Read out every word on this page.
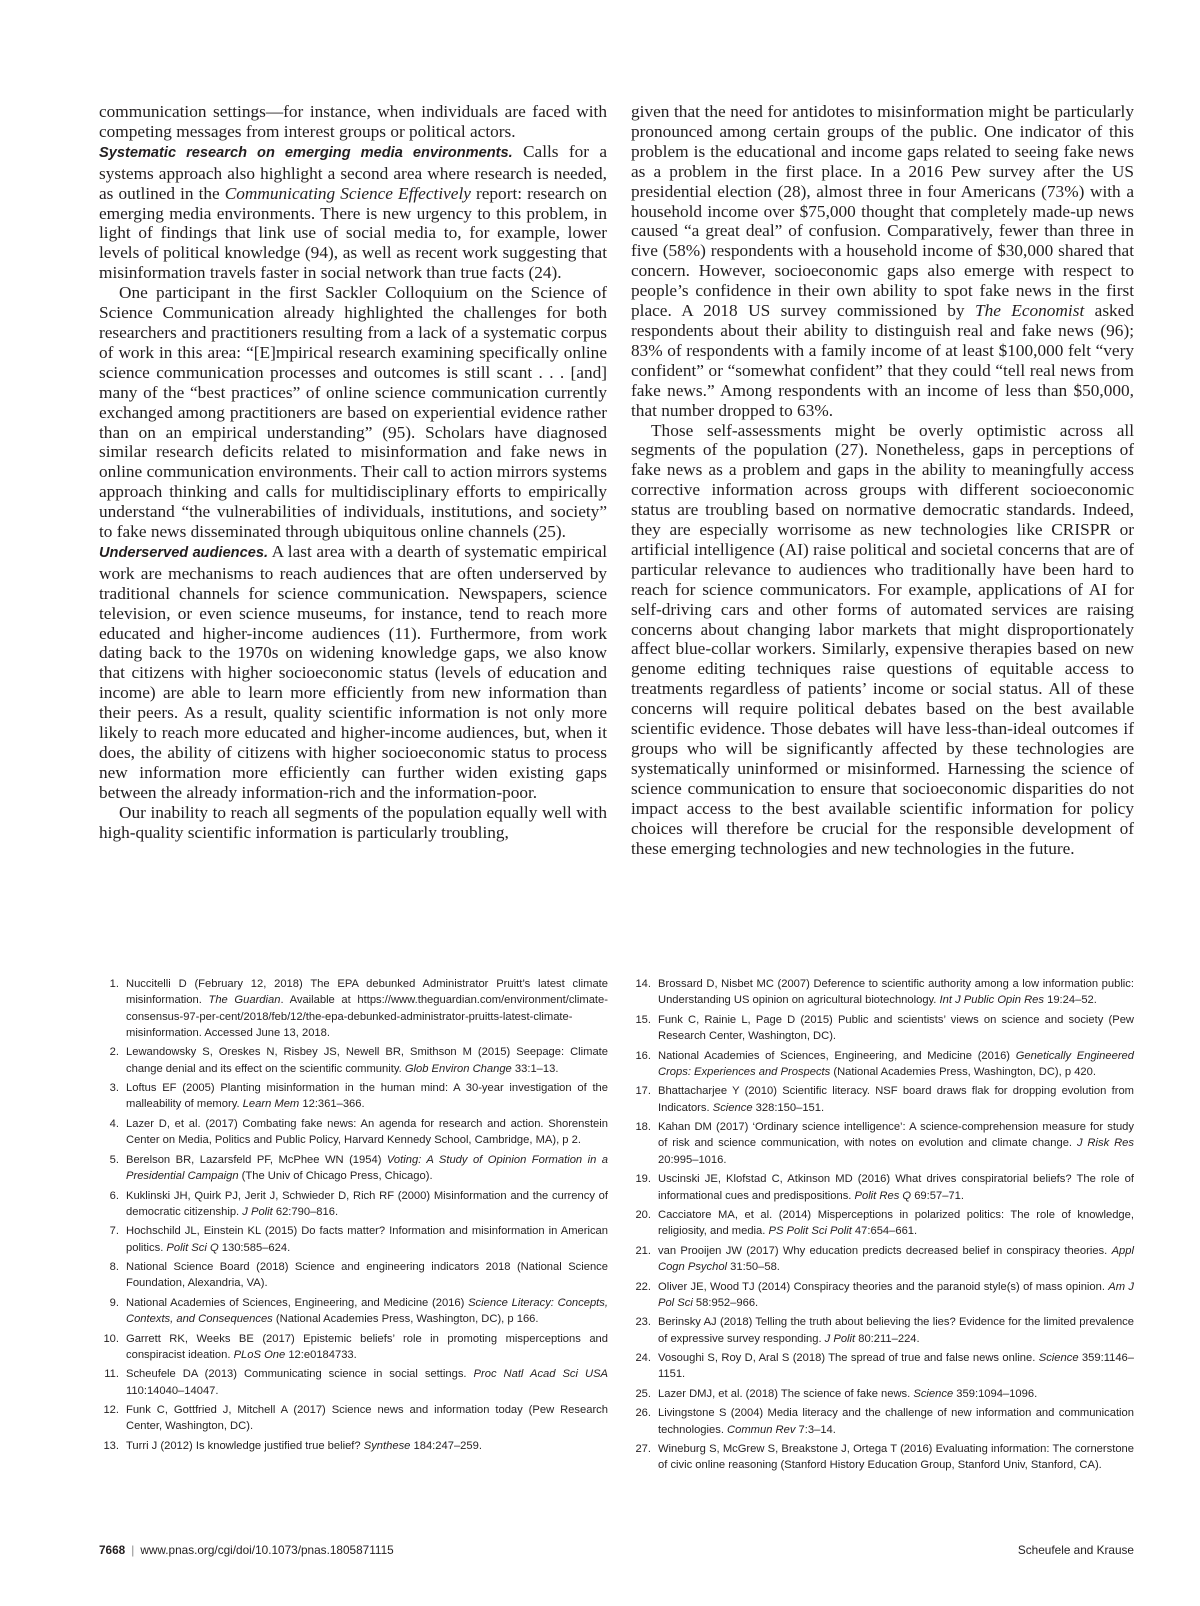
communication settings—for instance, when individuals are faced with competing messages from interest groups or political actors.
Systematic research on emerging media environments. Calls for a systems approach also highlight a second area where research is needed, as outlined in the Communicating Science Effectively report: research on emerging media environments. There is new urgency to this problem, in light of findings that link use of social media to, for example, lower levels of political knowledge (94), as well as recent work suggesting that misinformation travels faster in social network than true facts (24).

One participant in the first Sackler Colloquium on the Science of Science Communication already highlighted the challenges for both researchers and practitioners resulting from a lack of a systematic corpus of work in this area: “[E]mpirical research examining specifically online science communication processes and outcomes is still scant . . . [and] many of the “best practices” of online science communication currently exchanged among practitioners are based on experiential evidence rather than on an empirical understanding” (95). Scholars have diagnosed similar research deficits related to misinformation and fake news in online communication environments. Their call to action mirrors systems approach thinking and calls for multidisciplinary efforts to empirically understand “the vulnerabilities of individuals, institutions, and society” to fake news disseminated through ubiquitous online channels (25).

Underserved audiences. A last area with a dearth of systematic empirical work are mechanisms to reach audiences that are often underserved by traditional channels for science communication. Newspapers, science television, or even science museums, for instance, tend to reach more educated and higher-income audiences (11). Furthermore, from work dating back to the 1970s on widening knowledge gaps, we also know that citizens with higher socioeconomic status (levels of education and income) are able to learn more efficiently from new information than their peers. As a result, quality scientific information is not only more likely to reach more educated and higher-income audiences, but, when it does, the ability of citizens with higher socioeconomic status to process new information more efficiently can further widen existing gaps between the already information-rich and the information-poor.

Our inability to reach all segments of the population equally well with high-quality scientific information is particularly troubling,

given that the need for antidotes to misinformation might be particularly pronounced among certain groups of the public. One indicator of this problem is the educational and income gaps related to seeing fake news as a problem in the first place. In a 2016 Pew survey after the US presidential election (28), almost three in four Americans (73%) with a household income over $75,000 thought that completely made-up news caused “a great deal” of confusion. Comparatively, fewer than three in five (58%) respondents with a household income of $30,000 shared that concern. However, socioeconomic gaps also emerge with respect to people’s confidence in their own ability to spot fake news in the first place. A 2018 US survey commissioned by The Economist asked respondents about their ability to distinguish real and fake news (96); 83% of respondents with a family income of at least $100,000 felt “very confident” or “somewhat confident” that they could “tell real news from fake news.” Among respondents with an income of less than $50,000, that number dropped to 63%.

Those self-assessments might be overly optimistic across all segments of the population (27). Nonetheless, gaps in perceptions of fake news as a problem and gaps in the ability to meaningfully access corrective information across groups with different socioeconomic status are troubling based on normative democratic standards. Indeed, they are especially worrisome as new technologies like CRISPR or artificial intelligence (AI) raise political and societal concerns that are of particular relevance to audiences who traditionally have been hard to reach for science communicators. For example, applications of AI for self-driving cars and other forms of automated services are raising concerns about changing labor markets that might disproportionately affect blue-collar workers. Similarly, expensive therapies based on new genome editing techniques raise questions of equitable access to treatments regardless of patients’ income or social status. All of these concerns will require political debates based on the best available scientific evidence. Those debates will have less-than-ideal outcomes if groups who will be significantly affected by these technologies are systematically uninformed or misinformed. Harnessing the science of science communication to ensure that socioeconomic disparities do not impact access to the best available scientific information for policy choices will therefore be crucial for the responsible development of these emerging technologies and new technologies in the future.

1. Nuccitelli D (February 12, 2018) The EPA debunked Administrator Pruitt’s latest climate misinformation. The Guardian. Available at https://www.theguardian.com/environment/climate-consensus-97-per-cent/2018/feb/12/the-epa-debunked-administrator-pruitts-latest-climate-misinformation. Accessed June 13, 2018.
2. Lewandowsky S, Oreskes N, Risbey JS, Newell BR, Smithson M (2015) Seepage: Climate change denial and its effect on the scientific community. Glob Environ Change 33:1–13.
3. Loftus EF (2005) Planting misinformation in the human mind: A 30-year investigation of the malleability of memory. Learn Mem 12:361–366.
4. Lazer D, et al. (2017) Combating fake news: An agenda for research and action. Shorenstein Center on Media, Politics and Public Policy, Harvard Kennedy School, Cambridge, MA), p 2.
5. Berelson BR, Lazarsfeld PF, McPhee WN (1954) Voting: A Study of Opinion Formation in a Presidential Campaign (The Univ of Chicago Press, Chicago).
6. Kuklinski JH, Quirk PJ, Jerit J, Schwieder D, Rich RF (2000) Misinformation and the currency of democratic citizenship. J Polit 62:790–816.
7. Hochschild JL, Einstein KL (2015) Do facts matter? Information and misinformation in American politics. Polit Sci Q 130:585–624.
8. National Science Board (2018) Science and engineering indicators 2018 (National Science Foundation, Alexandria, VA).
9. National Academies of Sciences, Engineering, and Medicine (2016) Science Literacy: Concepts, Contexts, and Consequences (National Academies Press, Washington, DC), p 166.
10. Garrett RK, Weeks BE (2017) Epistemic beliefs’ role in promoting misperceptions and conspiracist ideation. PLoS One 12:e0184733.
11. Scheufele DA (2013) Communicating science in social settings. Proc Natl Acad Sci USA 110:14040–14047.
12. Funk C, Gottfried J, Mitchell A (2017) Science news and information today (Pew Research Center, Washington, DC).
13. Turri J (2012) Is knowledge justified true belief? Synthese 184:247–259.
14. Brossard D, Nisbet MC (2007) Deference to scientific authority among a low information public: Understanding US opinion on agricultural biotechnology. Int J Public Opin Res 19:24–52.
15. Funk C, Rainie L, Page D (2015) Public and scientists’ views on science and society (Pew Research Center, Washington, DC).
16. National Academies of Sciences, Engineering, and Medicine (2016) Genetically Engineered Crops: Experiences and Prospects (National Academies Press, Washington, DC), p 420.
17. Bhattacharjee Y (2010) Scientific literacy. NSF board draws flak for dropping evolution from Indicators. Science 328:150–151.
18. Kahan DM (2017) ‘Ordinary science intelligence’: A science-comprehension measure for study of risk and science communication, with notes on evolution and climate change. J Risk Res 20:995–1016.
19. Uscinski JE, Klofstad C, Atkinson MD (2016) What drives conspiratorial beliefs? The role of informational cues and predispositions. Polit Res Q 69:57–71.
20. Cacciatore MA, et al. (2014) Misperceptions in polarized politics: The role of knowledge, religiosity, and media. PS Polit Sci Polit 47:654–661.
21. van Prooijen JW (2017) Why education predicts decreased belief in conspiracy theories. Appl Cogn Psychol 31:50–58.
22. Oliver JE, Wood TJ (2014) Conspiracy theories and the paranoid style(s) of mass opinion. Am J Pol Sci 58:952–966.
23. Berinsky AJ (2018) Telling the truth about believing the lies? Evidence for the limited prevalence of expressive survey responding. J Polit 80:211–224.
24. Vosoughi S, Roy D, Aral S (2018) The spread of true and false news online. Science 359:1146–1151.
25. Lazer DMJ, et al. (2018) The science of fake news. Science 359:1094–1096.
26. Livingstone S (2004) Media literacy and the challenge of new information and communication technologies. Commun Rev 7:3–14.
27. Wineburg S, McGrew S, Breakstone J, Ortega T (2016) Evaluating information: The cornerstone of civic online reasoning (Stanford History Education Group, Stanford Univ, Stanford, CA).
7668 | www.pnas.org/cgi/doi/10.1073/pnas.1805871115	Scheufele and Krause
